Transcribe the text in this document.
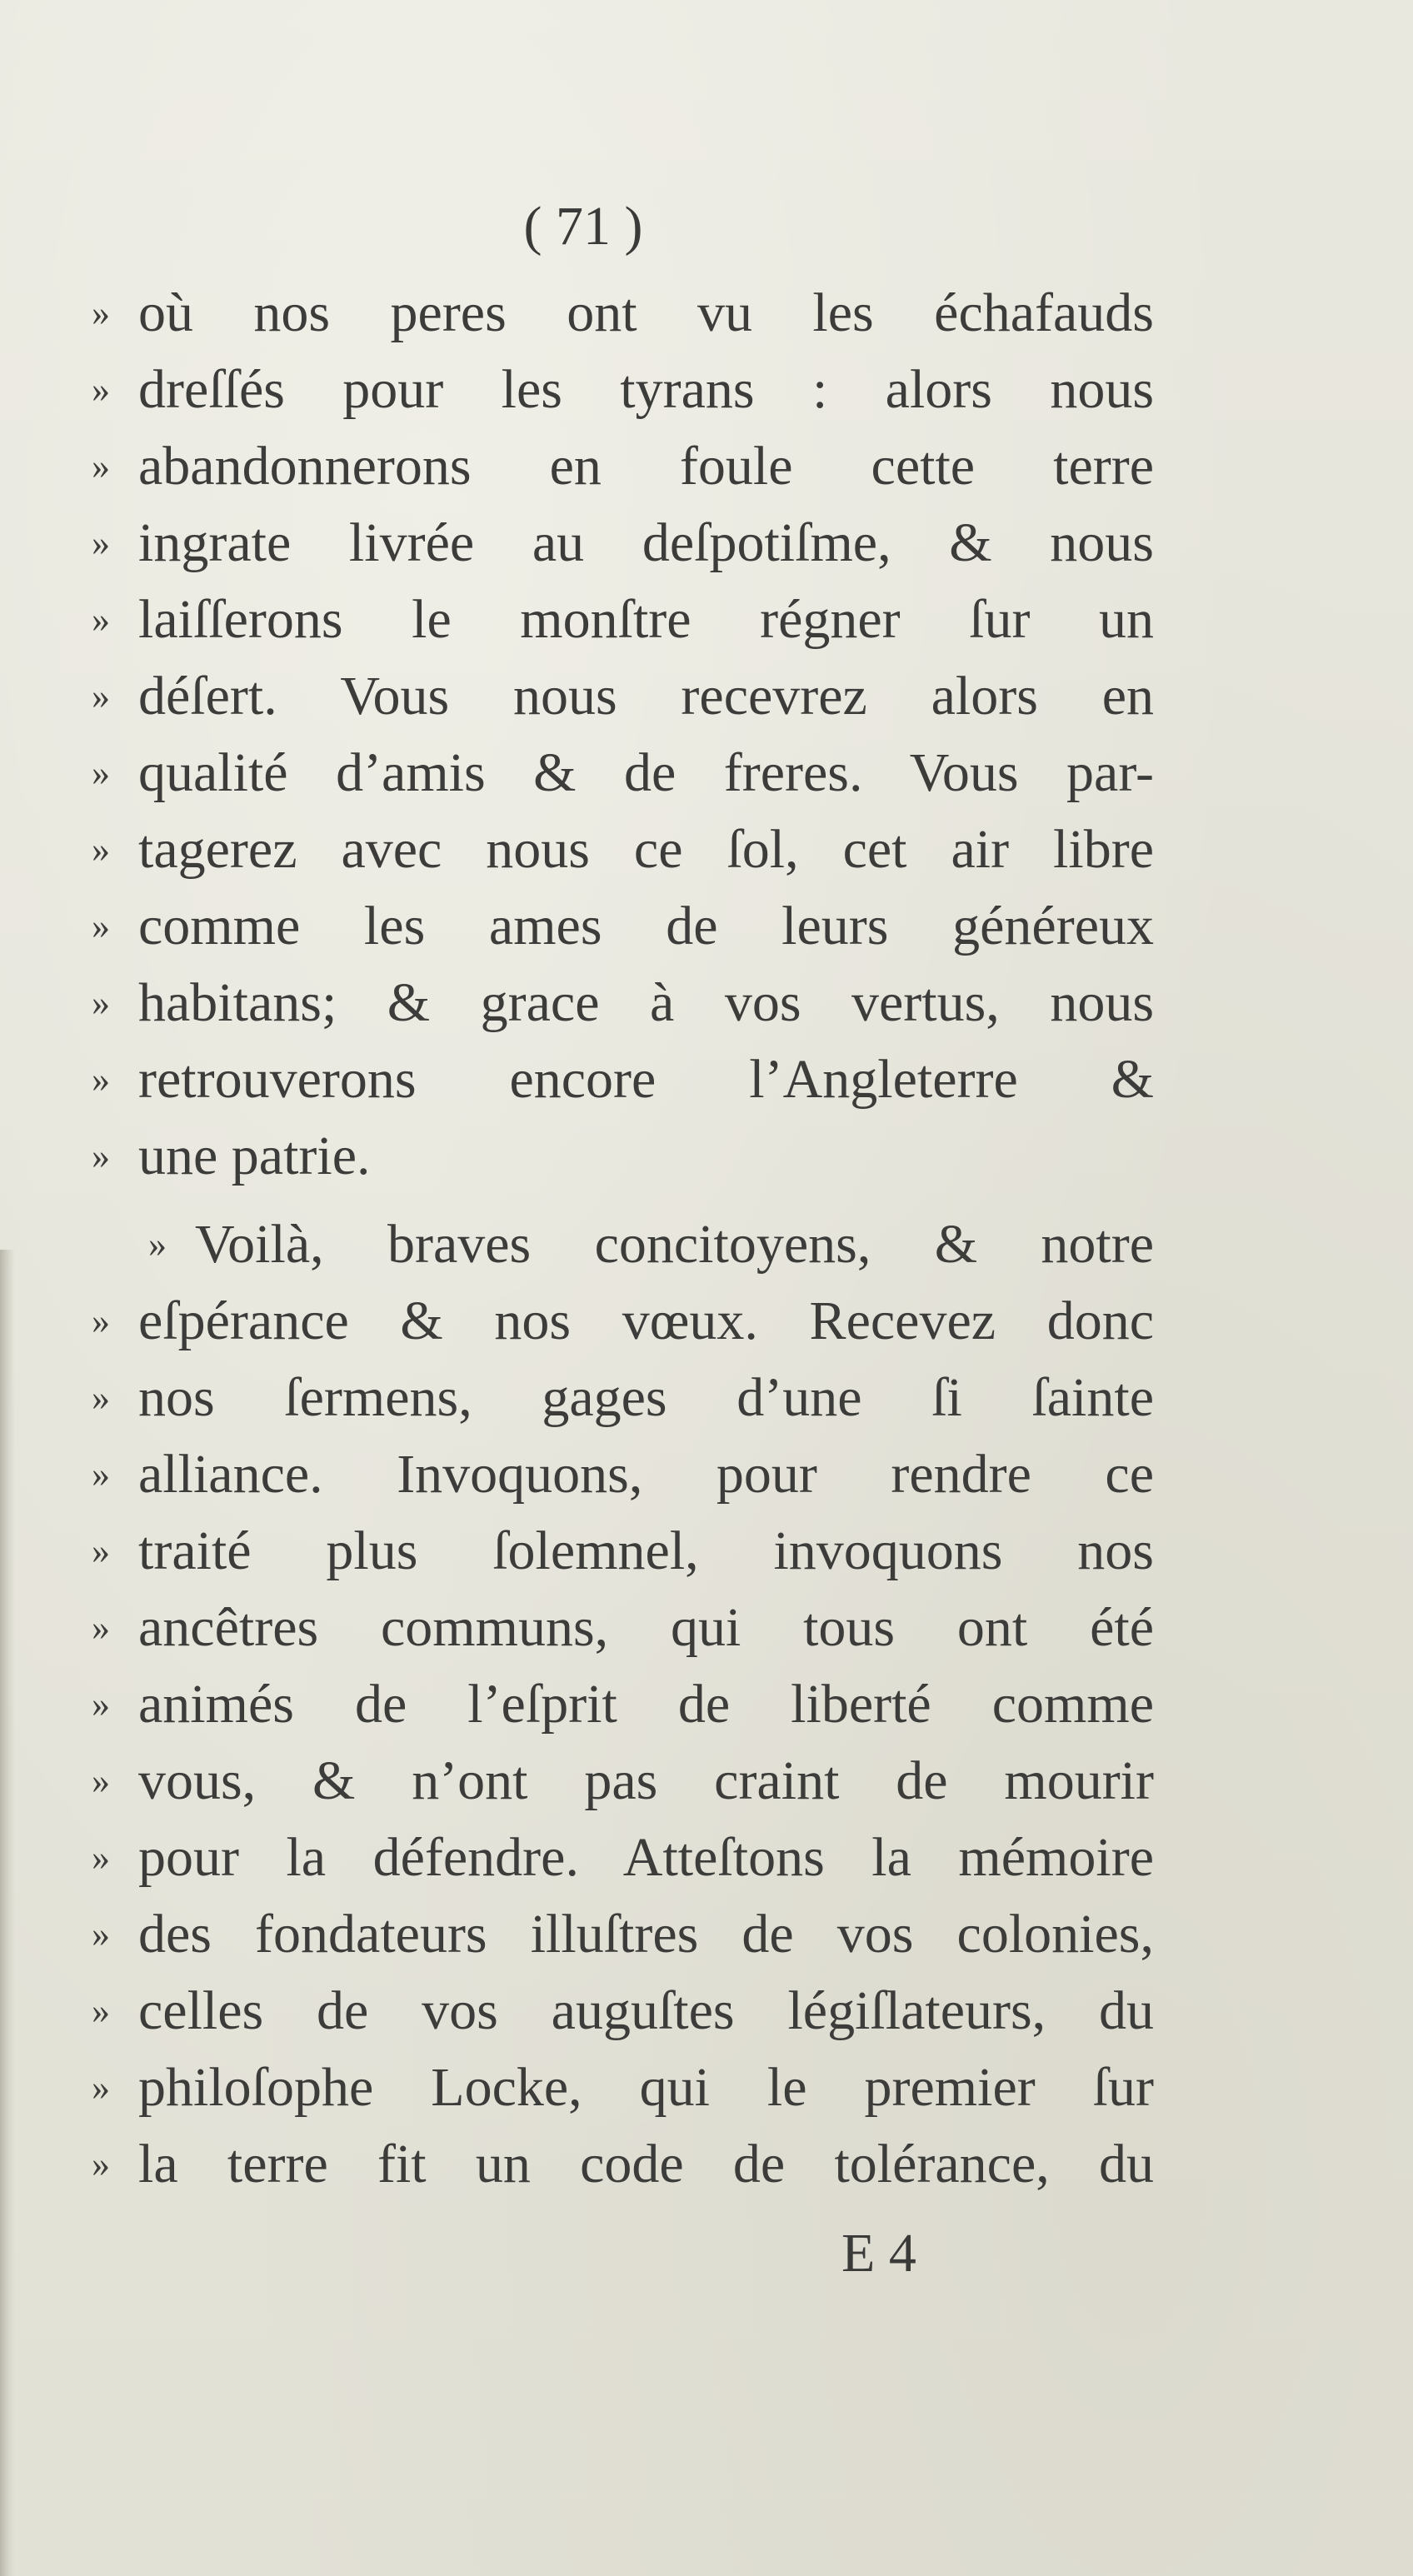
( 71 )
» où nos peres ont vu les échafauds
» dreſſés pour les tyrans : alors nous
» abandonnerons en foule cette terre
» ingrate livrée au deſpotiſme, & nous
» laiſſerons le monſtre régner ſur un
» déſert. Vous nous recevrez alors en
» qualité d’amis & de freres. Vous par-
» tagerez avec nous ce ſol, cet air libre
» comme les ames de leurs généreux
» habitans; & grace à vos vertus, nous
» retrouverons encore l’Angleterre &
» une patrie.
» Voilà, braves concitoyens, & notre
» eſpérance & nos vœux. Recevez donc
» nos ſermens, gages d’une ſi ſainte
» alliance. Invoquons, pour rendre ce
» traité plus ſolemnel, invoquons nos
» ancêtres communs, qui tous ont été
» animés de l’eſprit de liberté comme
» vous, & n’ont pas craint de mourir
» pour la défendre. Atteſtons la mémoire
» des fondateurs illuſtres de vos colonies,
» celles de vos auguſtes légiſlateurs, du
» philoſophe Locke, qui le premier ſur
» la terre fit un code de tolérance, du
E 4
